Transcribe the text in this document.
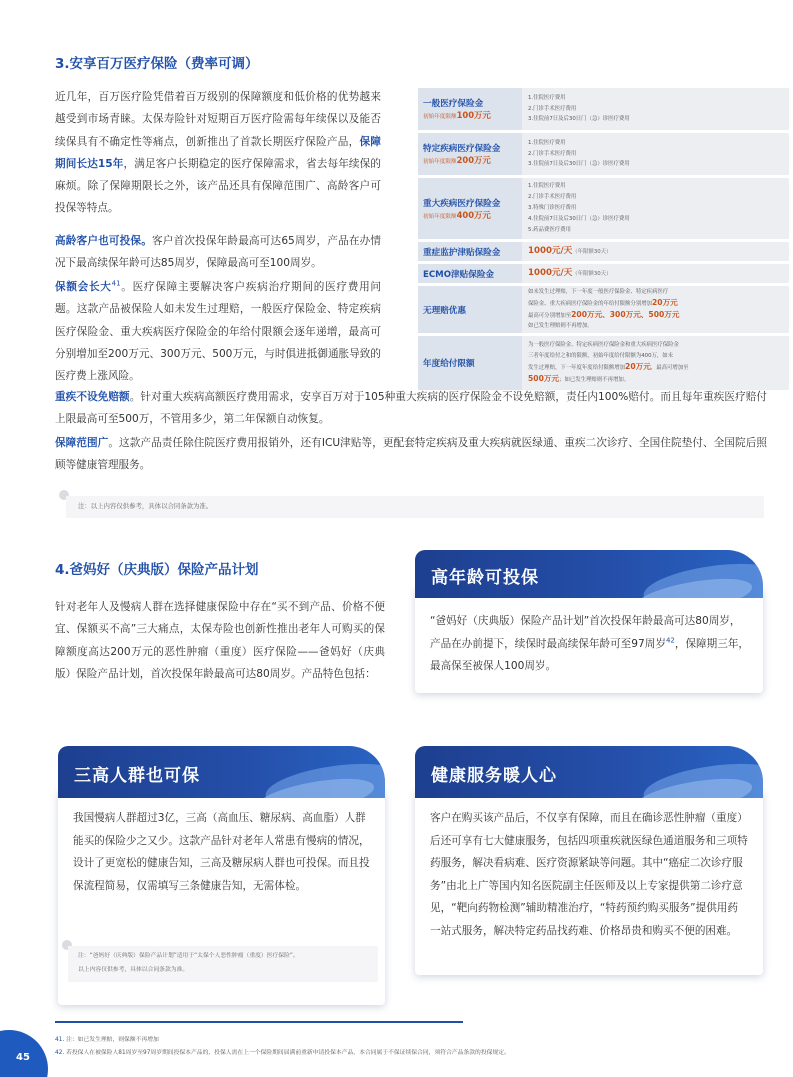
3.安享百万医疗保险（费率可调）
近几年，百万医疗险凭借着百万级别的保障额度和低价格的优势越来越受到市场青睐。太保寿险针对短期百万医疗险需每年续保以及能否续保具有不确定性等痛点，创新推出了首款长期医疗保险产品，保障期间长达15年，满足客户长期稳定的医疗保障需求，省去每年续保的麻烦。除了保障期限长之外，该产品还具有保障范围广、高龄客户可投保等特点。
高龄客户也可投保。客户首次投保年龄最高可达65周岁，产品在办情况下最高续保年龄可达85周岁，保障最高可至100周岁。
保额会长大$^{41}$。医疗保障主要解决客户疾病治疗期间的医疗费用问题。这款产品被保险人如未发生过理赔，一般医疗保险金、特定疾病医疗保险金、重大疾病医疗保险金的年给付限额会逐年递增，最高可分别增加至200万元、300万元、500万元，与时俱进抵御通胀导致的医疗费上涨风险。
重疾不设免赔额。针对重大疾病高额医疗费用需求，安享百万对于105种重大疾病的医疗保险金不设免赔额，责任内100%赔付。而且每年重疾医疗赔付上限最高可至500万，不管用多少，第二年保额自动恢复。
保障范围广。这款产品责任除住院医疗费用报销外，还有ICU津贴等，更配套特定疾病及重大疾病就医绿通、重疾二次诊疗、全国住院垫付、全国院后照顾等健康管理服务。
注：以上内容仅供参考，具体以合同条款为准。
一般医疗保险金
初始年度限额100万元
1.住院医疗费用
2.门诊手术医疗费用
3.住院前7日及后30日门（急）诊医疗费用
特定疾病医疗保险金
初始年度限额200万元
1.住院医疗费用
2.门诊手术医疗费用
3.住院前7日及后30日门（急）诊医疗费用
重大疾病医疗保险金
初始年度限额400万元
1.住院医疗费用
2.门诊手术医疗费用
3.特殊门诊医疗费用
4.住院前7日及后30日门（急）诊医疗费用
5.药品费医疗费用
重症监护津贴保险金	1000元/天（年限额30天）
ECMO津贴保险金	1000元/天（年限额30天）
无理赔优惠
如未发生过理赔，下一年度一般医疗保险金、特定疾病医疗
保险金、重大疾病医疗保险金的年给付限额分别增加20万元
最高可分别增加至200万元、300万元、500万元
如已发生理赔则不再增加。
年度给付限额
为一般医疗保险金、特定疾病医疗保险金和重大疾病医疗保险金
三者年度给付之和的限额，初始年度给付限额为400万，如未
发生过理赔，下一年度年度给付限额增加20万元，最高可增加至
500万元；如已发生理赔则不再增加。
4.爸妈好（庆典版）保险产品计划
针对老年人及慢病人群在选择健康保险中存在“买不到产品、价格不便宜、保额买不高”三大痛点，太保寿险也创新性推出老年人可购买的保障额度高达200万元的恶性肿瘤（重度）医疗保险——爸妈好（庆典版）保险产品计划，首次投保年龄最高可达80周岁。产品特色包括：
高年龄可投保
“爸妈好（庆典版）保险产品计划”首次投保年龄最高可达80周岁，产品在办前提下，续保时最高续保年龄可至97周岁$^{42}$，保障期三年，最高保至被保人100周岁。
三高人群也可保
我国慢病人群超过3亿，三高（高血压、糖尿病、高血脂）人群能买的保险少之又少。这款产品针对老年人常患有慢病的情况，设计了更宽松的健康告知，三高及糖尿病人群也可投保。而且投保流程简易，仅需填写三条健康告知，无需体检。
注：“爸妈好（庆典版）保险产品计划”适用于“太保个人恶性肿瘤（重度）医疗保险”。
以上内容仅供参考，具体以合同条款为准。
健康服务暖人心
客户在购买该产品后，不仅享有保障，而且在确诊恶性肿瘤（重度）后还可享有七大健康服务，包括四项重疾就医绿色通道服务和三项特药服务，解决看病难、医疗资源紧缺等问题。其中“癌症二次诊疗服务”由北上广等国内知名医院副主任医师及以上专家提供第二诊疗意见，“靶向药物检测”辅助精准治疗，“特药预约购买服务”提供用药一站式服务，解决特定药品找药难、价格昂贵和购买不便的困难。
41. 注：如已发生理赔，则保额不再增加
42. 若投保人在被保险人81周岁至97周岁期间投保本产品的，投保人需在上一个保险期间届满前重新申请投保本产品，本合同属于不保证续保合同，须符合产品条款的投保规定。
45
